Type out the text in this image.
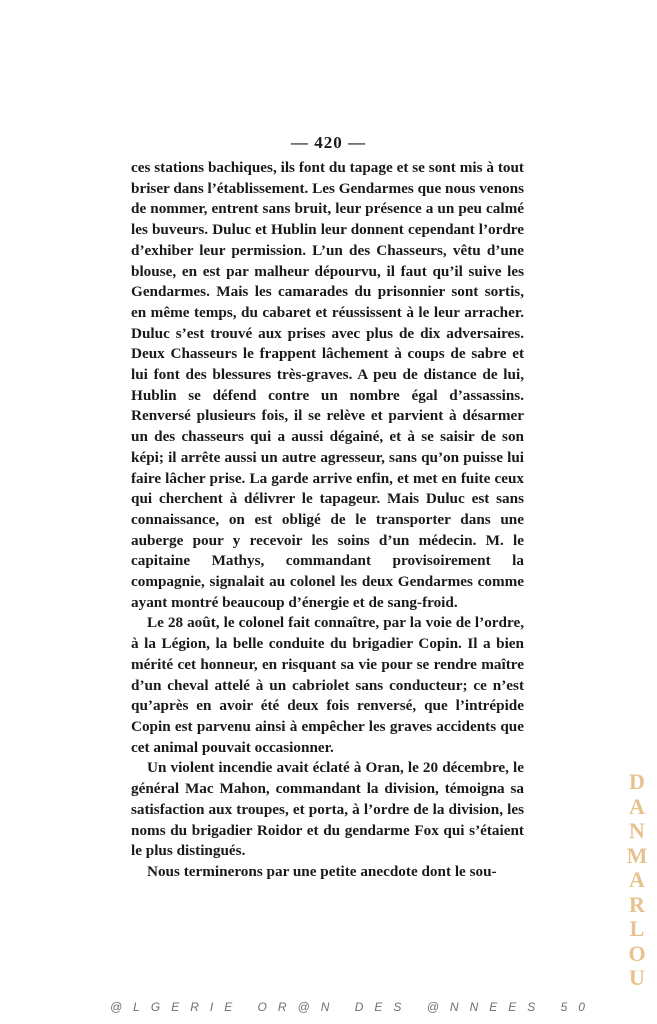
— 420 —

ces stations bachiques, ils font du tapage et se sont mis à tout briser dans l’établissement. Les Gendarmes que nous venons de nommer, entrent sans bruit, leur présence a un peu calmé les buveurs. Duluc et Hublin leur donnent cependant l’ordre d’exhiber leur permission. L’un des Chasseurs, vêtu d’une blouse, en est par malheur dépourvu, il faut qu’il suive les Gendarmes. Mais les camarades du prisonnier sont sortis, en même temps, du cabaret et réussissent à le leur arracher. Duluc s’est trouvé aux prises avec plus de dix adversaires. Deux Chasseurs le frappent lâchement à coups de sabre et lui font des blessures très-graves. A peu de distance de lui, Hublin se défend contre un nombre égal d’assassins. Renversé plusieurs fois, il se relève et parvient à désarmer un des chasseurs qui a aussi dégainé, et à se saisir de son képi; il arrête aussi un autre agresseur, sans qu’on puisse lui faire lâcher prise. La garde arrive enfin, et met en fuite ceux qui cherchent à délivrer le tapageur. Mais Duluc est sans connaissance, on est obligé de le transporter dans une auberge pour y recevoir les soins d’un médecin. M. le capitaine Mathys, commandant provisoirement la compagnie, signalait au colonel les deux Gendarmes comme ayant montré beaucoup d’énergie et de sang-froid.

Le 28 août, le colonel fait connaître, par la voie de l’ordre, à la Légion, la belle conduite du brigadier Copin. Il a bien mérité cet honneur, en risquant sa vie pour se rendre maître d’un cheval attelé à un cabriolet sans conducteur; ce n’est qu’après en avoir été deux fois renversé, que l’intrépide Copin est parvenu ainsi à empêcher les graves accidents que cet animal pouvait occasionner.

Un violent incendie avait éclaté à Oran, le 20 décembre, le général Mac Mahon, commandant la division, témoigna sa satisfaction aux troupes, et porta, à l’ordre de la division, les noms du brigadier Roidor et du gendarme Fox qui s’étaient le plus distingués.

Nous terminerons par une petite anecdote dont le sou-

D
A
N
M
A
R
L
O
U
@LGERIE OR@N DES @NNEES 50
